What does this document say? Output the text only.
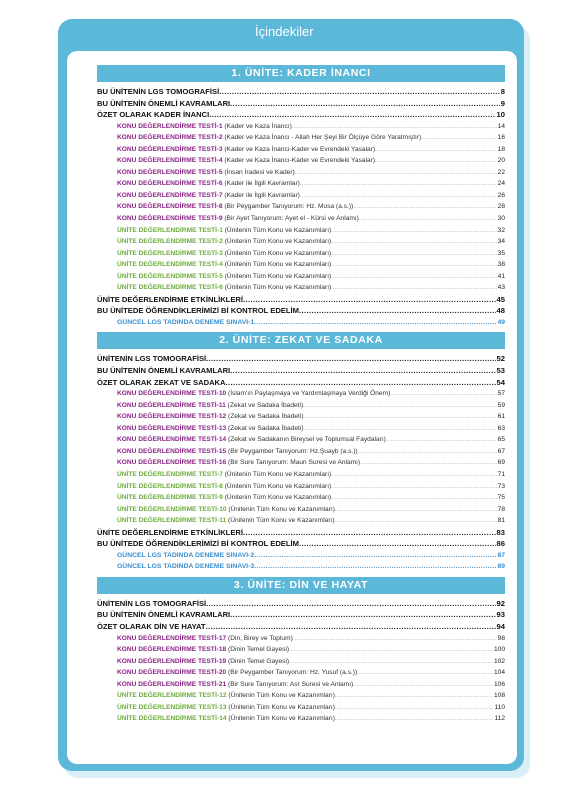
İçindekiler
1. ÜNİTE: KADER İNANCI
BU ÜNİTENİN LGS TOMOGRAFİSİ .....	8
BU ÜNİTENİN ÖNEMLİ KAVRAMLARI .....	9
ÖZET OLARAK KADER İNANCI .....	10
KONU DEĞERLENDİRME TESTİ-1 (Kader ve Kaza İnancı) .....	14
KONU DEĞERLENDİRME TESTİ-2 (Kader ve Kaza İnancı - Allah Her Şeyi Bir Ölçüye Göre Yaratmıştır) .....	16
KONU DEĞERLENDİRME TESTİ-3 (Kader ve Kaza İnancı-Kader ve Evrendeki Yasalar) .....	18
KONU DEĞERLENDİRME TESTİ-4 (Kader ve Kaza İnancı-Kader ve Evrendeki Yasalar) .....	20
KONU DEĞERLENDİRME TESTİ-5 (İnsan İradesi ve Kader) .....	22
KONU DEĞERLENDİRME TESTİ-6 (Kader ile İlgili Kavramlar) .....	24
KONU DEĞERLENDİRME TESTİ-7 (Kader ile İlgili Kavramlar) .....	26
KONU DEĞERLENDİRME TESTİ-8 (Bir Peygamber Tanıyorum: Hz. Musa (a.s.)) .....	28
KONU DEĞERLENDİRME TESTİ-9 (Bir Ayet Tanıyorum: Ayet el - Kürsi ve Anlamı) .....	30
ÜNİTE DEĞERLENDİRME TESTİ-1 (Ünitenin Tüm Konu ve Kazanımları) .....	32
ÜNİTE DEĞERLENDİRME TESTİ-2 (Ünitenin Tüm Konu ve Kazanımları) .....	34
ÜNİTE DEĞERLENDİRME TESTİ-3 (Ünitenin Tüm Konu ve Kazanımları) .....	35
ÜNİTE DEĞERLENDİRME TESTİ-4 (Ünitenin Tüm Konu ve Kazanımları) .....	38
ÜNİTE DEĞERLENDİRME TESTİ-5 (Ünitenin Tüm Konu ve Kazanımları) .....	41
ÜNİTE DEĞERLENDİRME TESTİ-6 (Ünitenin Tüm Konu ve Kazanımları) .....	43
ÜNİTE DEĞERLENDİRME ETKİNLİKLERİ .....	45
BU ÜNİTEDE ÖĞRENDİKLERİMİZİ Bİ KONTROL EDELİM .....	48
GÜNCEL LGS TADINDA DENEME SINAVI-1 .....	49
2. ÜNİTE: ZEKAT VE SADAKA
ÜNİTENİN LGS TOMOGRAFİSİ .....	52
BU ÜNİTENİN ÖNEMLİ KAVRAMLARI .....	53
ÖZET OLARAK ZEKAT VE SADAKA .....	54
KONU DEĞERLENDİRME TESTİ-10 (İslam'ın Paylaşmaya ve Yardımlaşmaya Verdiği Önem) .....	57
KONU DEĞERLENDİRME TESTİ-11 (Zekat ve Sadaka İbadeti) .....	59
KONU DEĞERLENDİRME TESTİ-12 (Zekat ve Sadaka İbadeti) .....	61
KONU DEĞERLENDİRME TESTİ-13 (Zekat ve Sadaka İbadeti) .....	63
KONU DEĞERLENDİRME TESTİ-14 (Zekat ve Sadakanın Bireysel ve Toplumsal Faydaları) .....	65
KONU DEĞERLENDİRME TESTİ-15 (Bir Peygamber Tanıyorum: Hz.Şuayb (a.s.)) .....	67
KONU DEĞERLENDİRME TESTİ-16 (Bir Sure Tanıyorum: Maun Suresi ve Anlamı) .....	69
ÜNİTE DEĞERLENDİRME TESTİ-7 (Ünitenin Tüm Konu ve Kazanımları) .....	71
ÜNİTE DEĞERLENDİRME TESTİ-8 (Ünitenin Tüm Konu ve Kazanımları) .....	73
ÜNİTE DEĞERLENDİRME TESTİ-9 (Ünitenin Tüm Konu ve Kazanımları) .....	75
ÜNİTE DEĞERLENDİRME TESTİ-10 (Ünitenin Tüm Konu ve Kazanımları) .....	78
ÜNİTE DEĞERLENDİRME TESTİ-11 (Ünitenin Tüm Konu ve Kazanımları) .....	81
ÜNİTE DEĞERLENDİRME ETKİNLİKLERİ .....	83
BU ÜNİTEDE ÖĞRENDİKLERİMİZİ Bİ KONTROL EDELİM .....	86
GÜNCEL LGS TADINDA DENEME SINAVI-2 .....	87
GÜNCEL LGS TADINDA DENEME SINAVI-3 .....	89
3. ÜNİTE: DİN VE HAYAT
ÜNİTENİN LGS TOMOGRAFİSİ .....	92
BU ÜNİTENİN ÖNEMLİ KAVRAMLARI .....	93
ÖZET OLARAK DİN VE HAYAT .....	94
KONU DEĞERLENDİRME TESTİ-17 (Din, Birey ve Toplum) .....	98
KONU DEĞERLENDİRME TESTİ-18 (Dinin Temel Gayesi) .....	100
KONU DEĞERLENDİRME TESTİ-19 (Dinin Temel Gayesi) .....	102
KONU DEĞERLENDİRME TESTİ-20 (Bir Peygamber Tanıyorum: Hz. Yusuf (a.s.)) .....	104
KONU DEĞERLENDİRME TESTİ-21 (Bir Sure Tanıyorum: Asr Suresi ve Anlamı) .....	106
ÜNİTE DEĞERLENDİRME TESTİ-12 (Ünitenin Tüm Konu ve Kazanımları) .....	108
ÜNİTE DEĞERLENDİRME TESTİ-13 (Ünitenin Tüm Konu ve Kazanımları) .....	110
ÜNİTE DEĞERLENDİRME TESTİ-14 (Ünitenin Tüm Konu ve Kazanımları) .....	112
